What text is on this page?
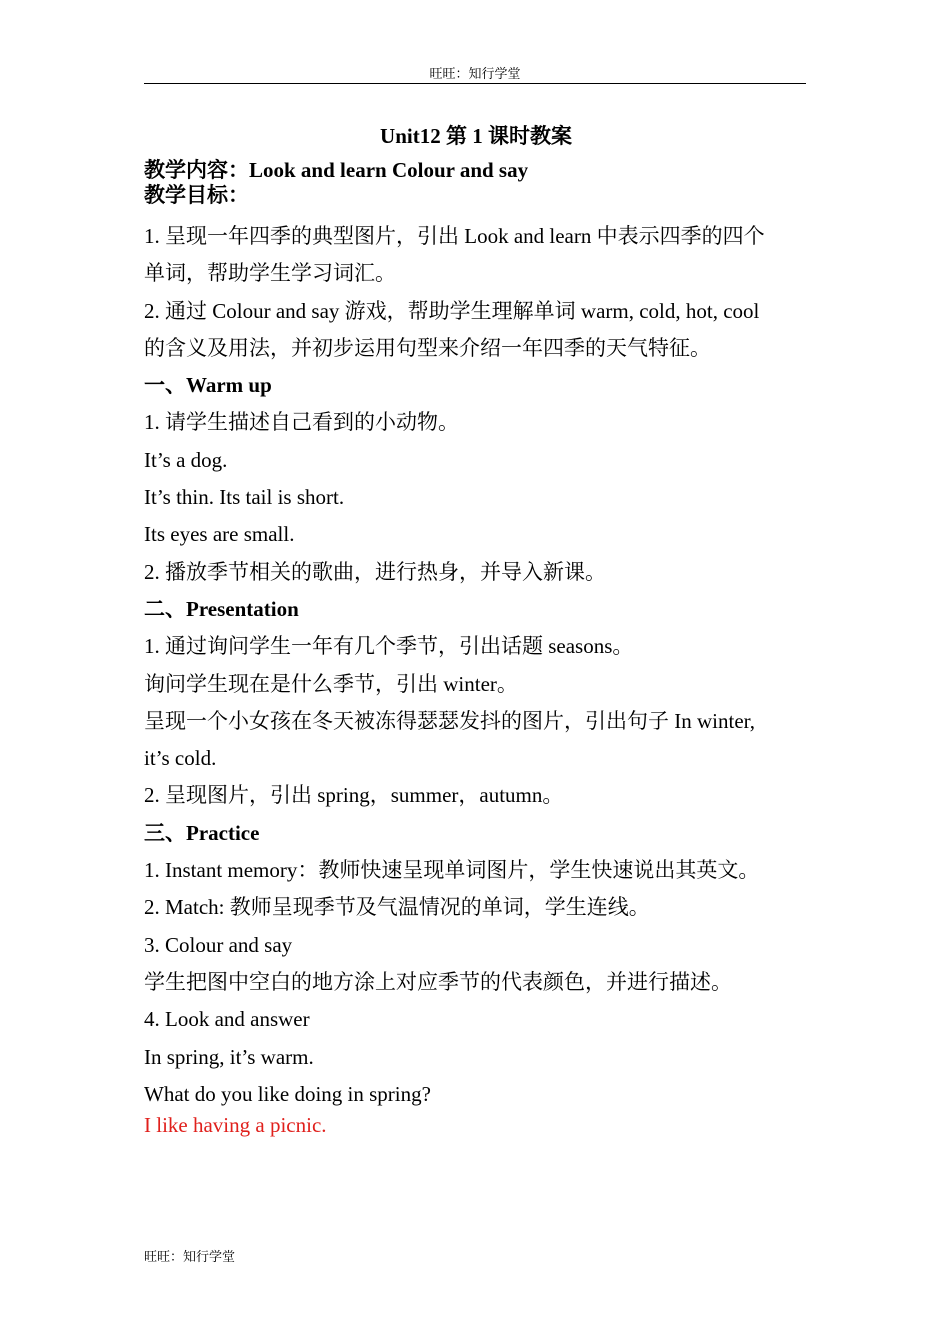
旺旺：知行学堂

Unit12 第 1 课时教案

教学内容：Look and learn Colour and say

教学目标：

1. 呈现一年四季的典型图片，引出 Look and learn 中表示四季的四个

单词，帮助学生学习词汇。

2. 通过 Colour and say 游戏，帮助学生理解单词 warm, cold, hot, cool

的含义及用法，并初步运用句型来介绍一年四季的天气特征。

一、Warm up

1. 请学生描述自己看到的小动物。

It’s a dog.

It’s thin. Its tail is short.

Its eyes are small.

2. 播放季节相关的歌曲，进行热身，并导入新课。

二、Presentation

1. 通过询问学生一年有几个季节，引出话题 seasons。

询问学生现在是什么季节，引出 winter。

呈现一个小女孩在冬天被冻得瑟瑟发抖的图片，引出句子 In winter,

it’s cold.

2. 呈现图片，引出 spring，summer，autumn。

三、Practice

1. Instant memory：教师快速呈现单词图片，学生快速说出其英文。

2. Match: 教师呈现季节及气温情况的单词，学生连线。

3. Colour and say

学生把图中空白的地方涂上对应季节的代表颜色，并进行描述。

4. Look and answer

In spring, it’s warm.

What do you like doing in spring?

I like having a picnic.

旺旺：知行学堂
